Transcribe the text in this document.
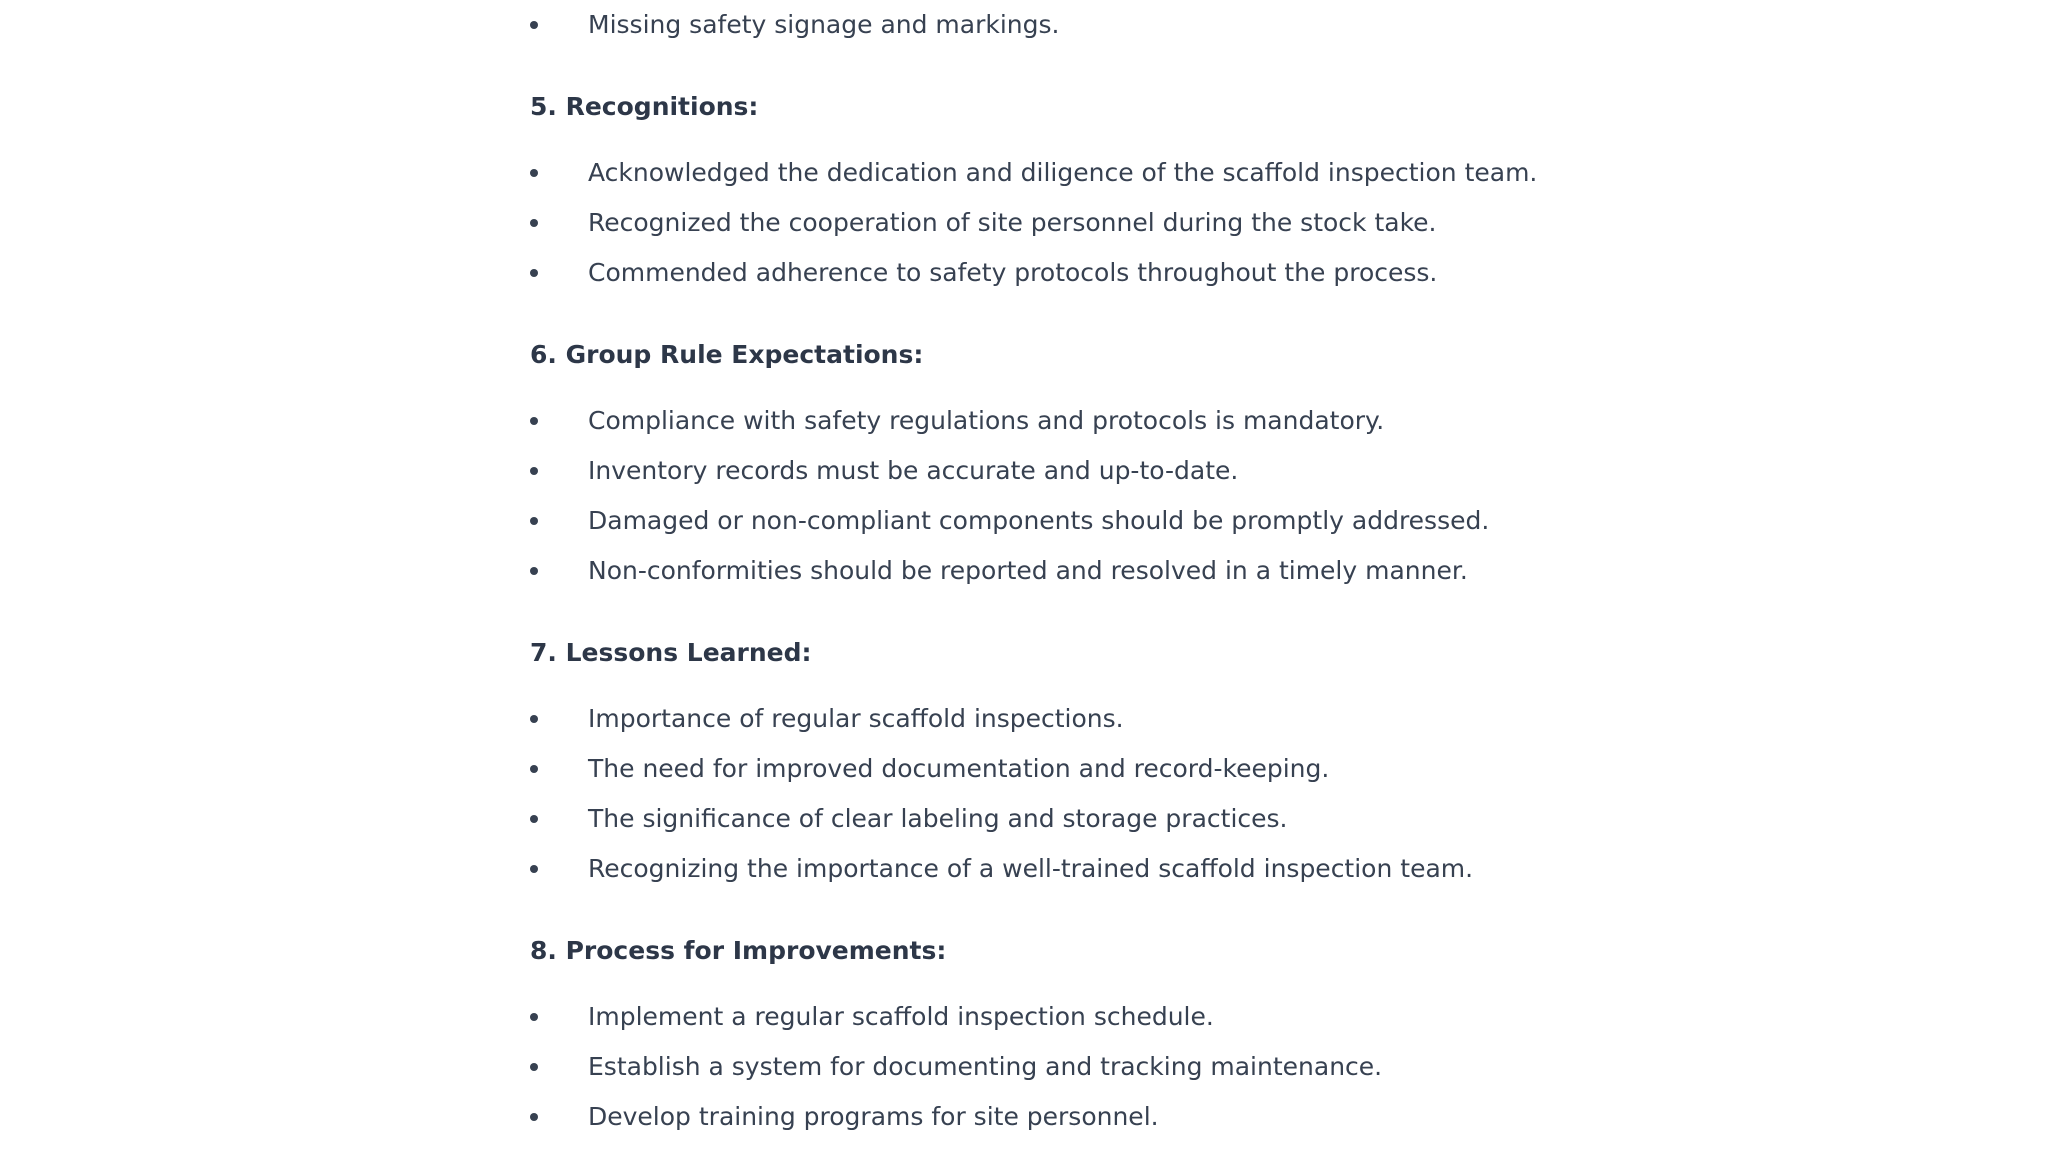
Missing safety signage and markings.
5. Recognitions:
Acknowledged the dedication and diligence of the scaffold inspection team.
Recognized the cooperation of site personnel during the stock take.
Commended adherence to safety protocols throughout the process.
6. Group Rule Expectations:
Compliance with safety regulations and protocols is mandatory.
Inventory records must be accurate and up-to-date.
Damaged or non-compliant components should be promptly addressed.
Non-conformities should be reported and resolved in a timely manner.
7. Lessons Learned:
Importance of regular scaffold inspections.
The need for improved documentation and record-keeping.
The significance of clear labeling and storage practices.
Recognizing the importance of a well-trained scaffold inspection team.
8. Process for Improvements:
Implement a regular scaffold inspection schedule.
Establish a system for documenting and tracking maintenance.
Develop training programs for site personnel.
